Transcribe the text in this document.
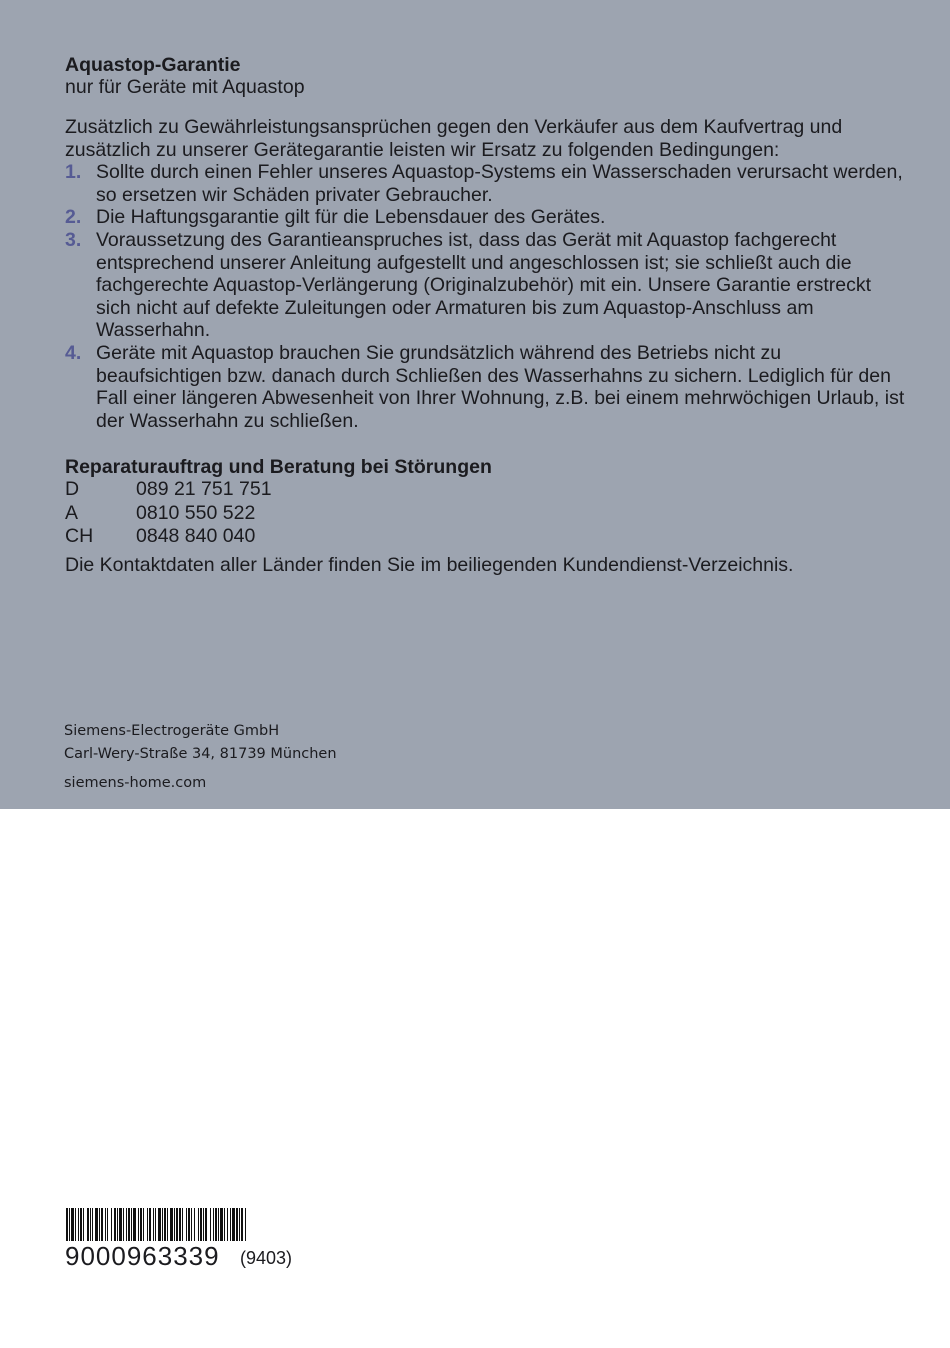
Aquastop-Garantie

nur für Geräte mit Aquastop

Zusätzlich zu Gewährleistungsansprüchen gegen den Verkäufer aus dem Kaufvertrag und zusätzlich zu unserer Gerätegarantie leisten wir Ersatz zu folgenden Bedingungen:

1. Sollte durch einen Fehler unseres Aquastop-Systems ein Wasserschaden verursacht werden, so ersetzen wir Schäden privater Gebraucher.
2. Die Haftungsgarantie gilt für die Lebensdauer des Gerätes.
3. Voraussetzung des Garantieanspruches ist, dass das Gerät mit Aquastop fachgerecht entsprechend unserer Anleitung aufgestellt und angeschlossen ist; sie schließt auch die fachgerechte Aquastop-Verlängerung (Originalzubehör) mit ein. Unsere Garantie erstreckt sich nicht auf defekte Zuleitungen oder Armaturen bis zum Aquastop-Anschluss am Wasserhahn.
4. Geräte mit Aquastop brauchen Sie grundsätzlich während des Betriebs nicht zu beaufsichtigen bzw. danach durch Schließen des Wasserhahns zu sichern. Lediglich für den Fall einer längeren Abwesenheit von Ihrer Wohnung, z.B. bei einem mehrwöchigen Urlaub, ist der Wasserhahn zu schließen.

Reparaturauftrag und Beratung bei Störungen

D	089 21 751 751
A	0810 550 522
CH	0848 840 040

Die Kontaktdaten aller Länder finden Sie im beiliegenden Kundendienst-Verzeichnis.

Siemens-Electrogeräte GmbH
Carl-Wery-Straße 34, 81739 München
siemens-home.com
9000963339 (9403)
